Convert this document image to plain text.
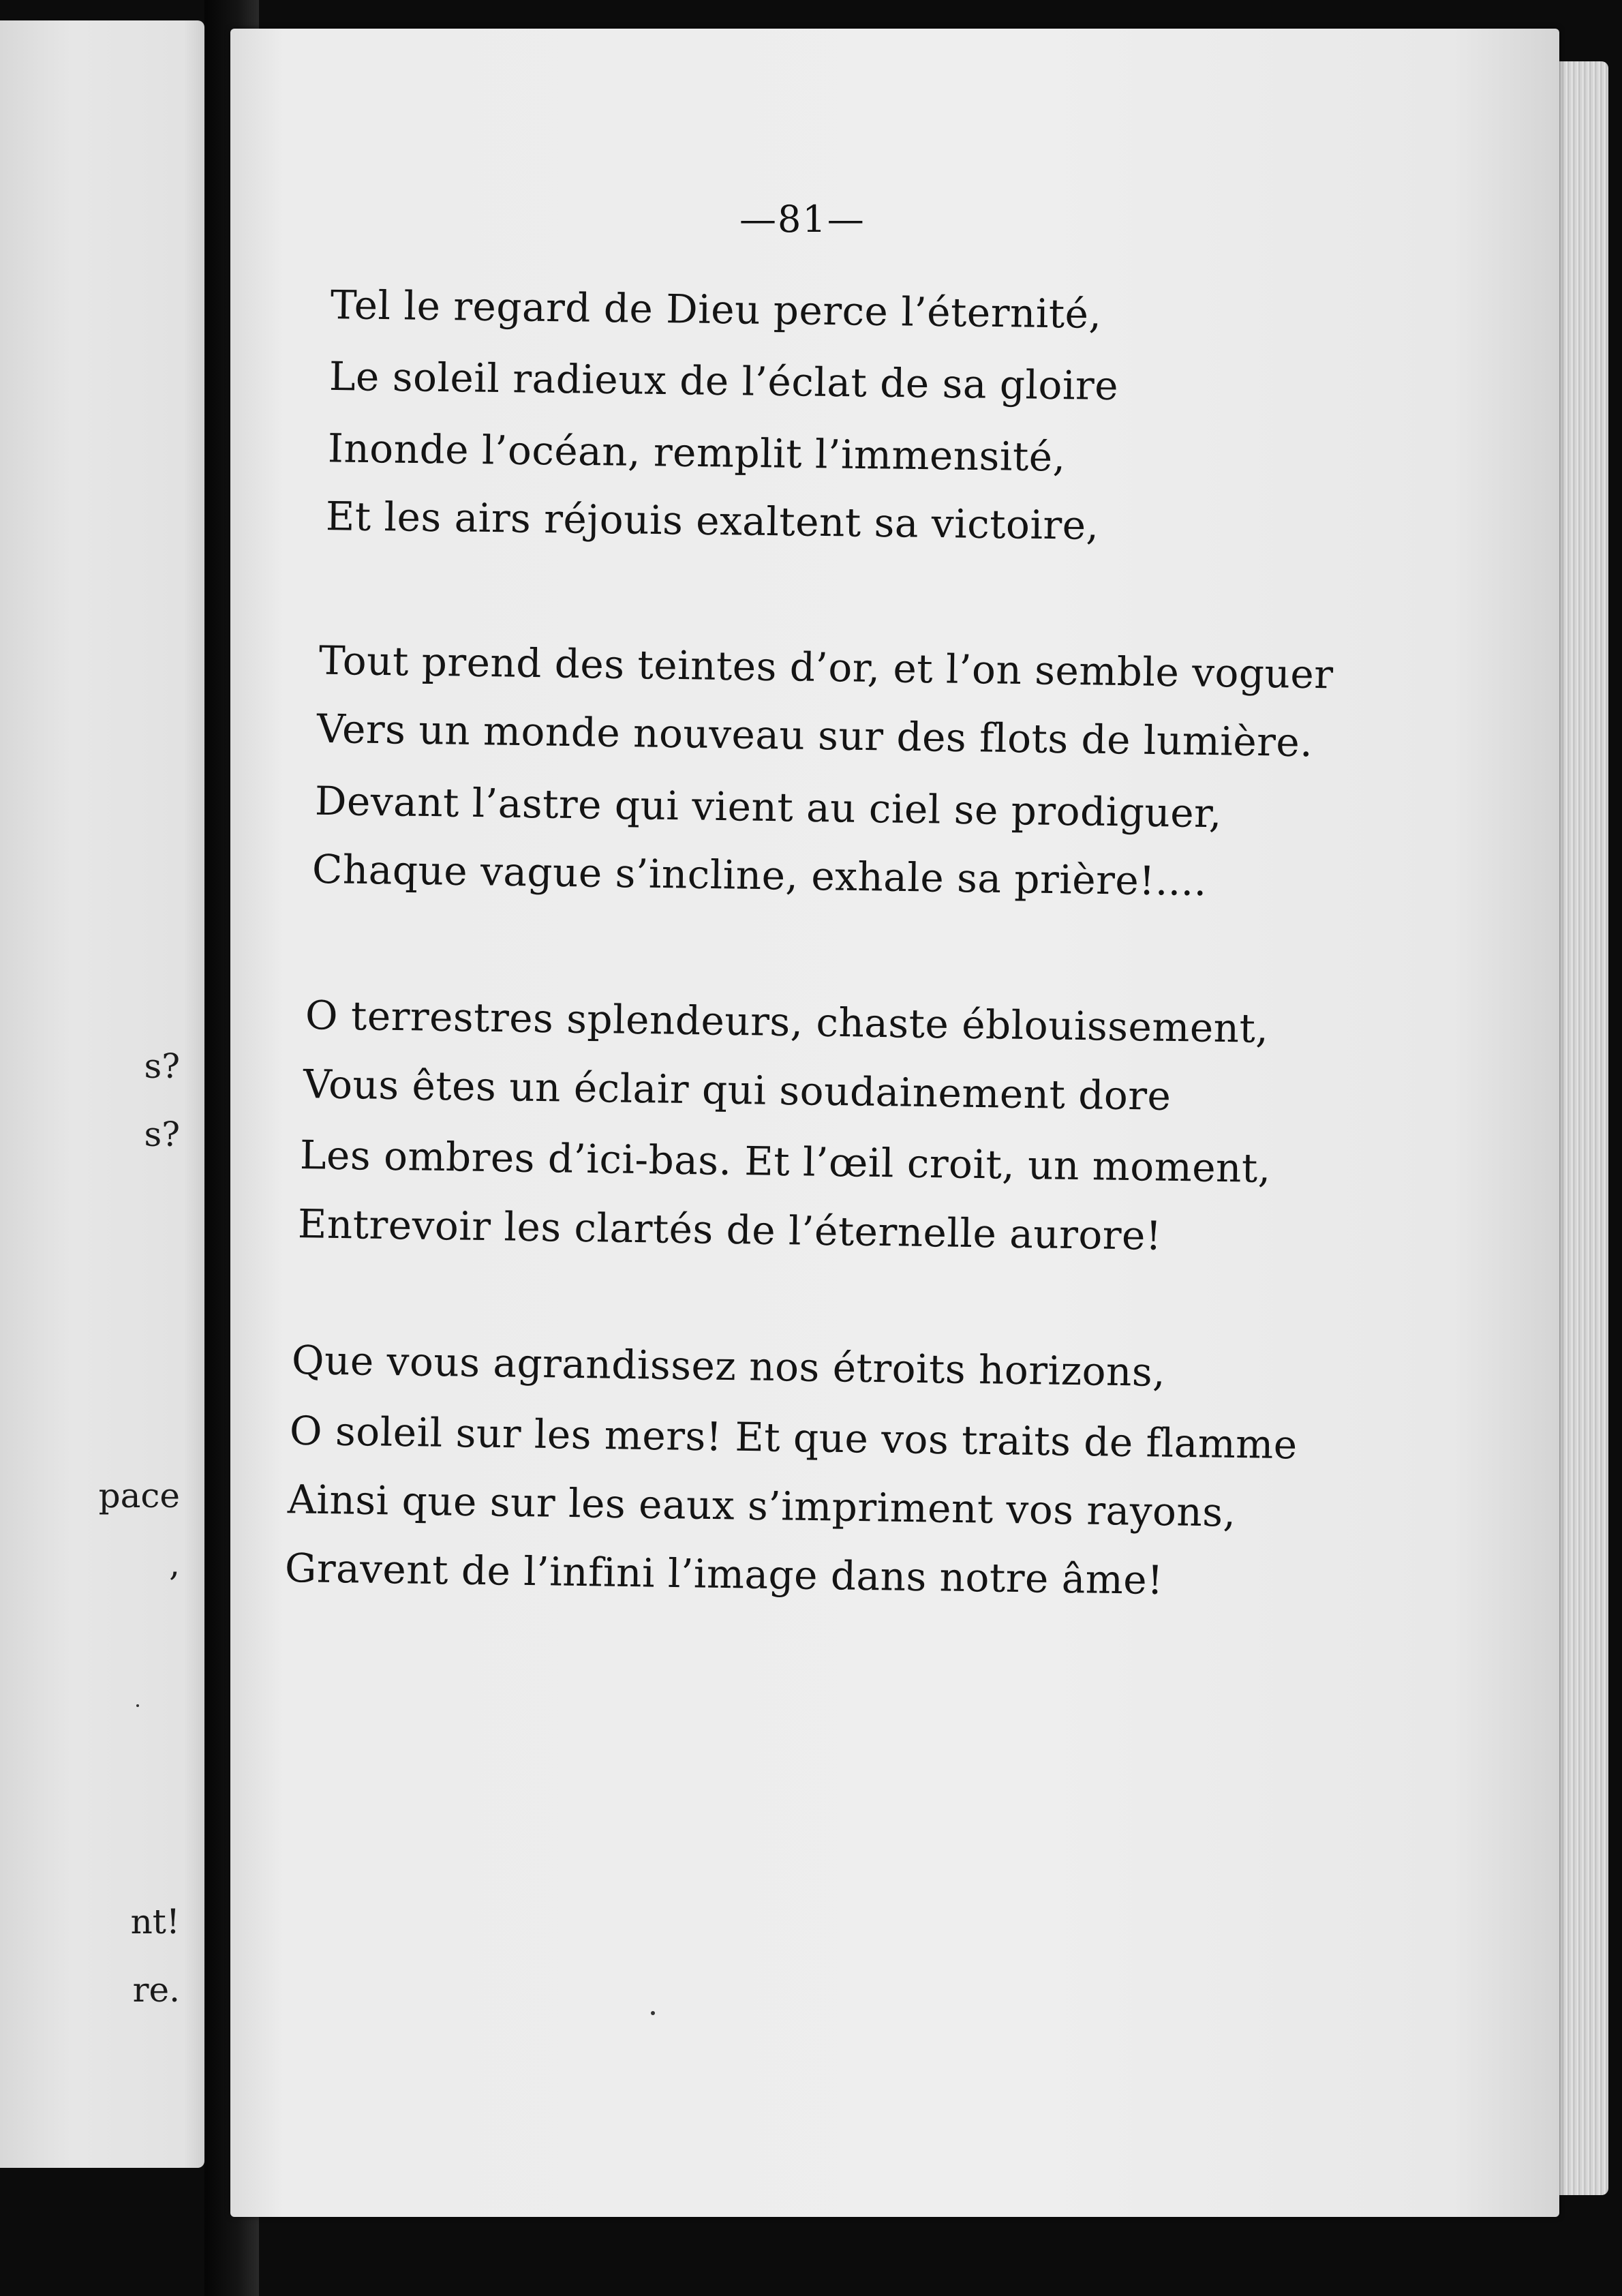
s?
s?
pace
,
nt!
re.
—81—
Tel le regard de Dieu perce l’éternité,
Le soleil radieux de l’éclat de sa gloire
Inonde l’océan, remplit l’immensité,
Et les airs réjouis exaltent sa victoire,
Tout prend des teintes d’or, et l’on semble voguer
Vers un monde nouveau sur des flots de lumière.
Devant l’astre qui vient au ciel se prodiguer,
Chaque vague s’incline, exhale sa prière!....
O terrestres splendeurs, chaste éblouissement,
Vous êtes un éclair qui soudainement dore
Les ombres d’ici-bas. Et l’œil croit, un moment,
Entrevoir les clartés de l’éternelle aurore!
Que vous agrandissez nos étroits horizons,
O soleil sur les mers! Et que vos traits de flamme
Ainsi que sur les eaux s’impriment vos rayons,
Gravent de l’infini l’image dans notre âme!
